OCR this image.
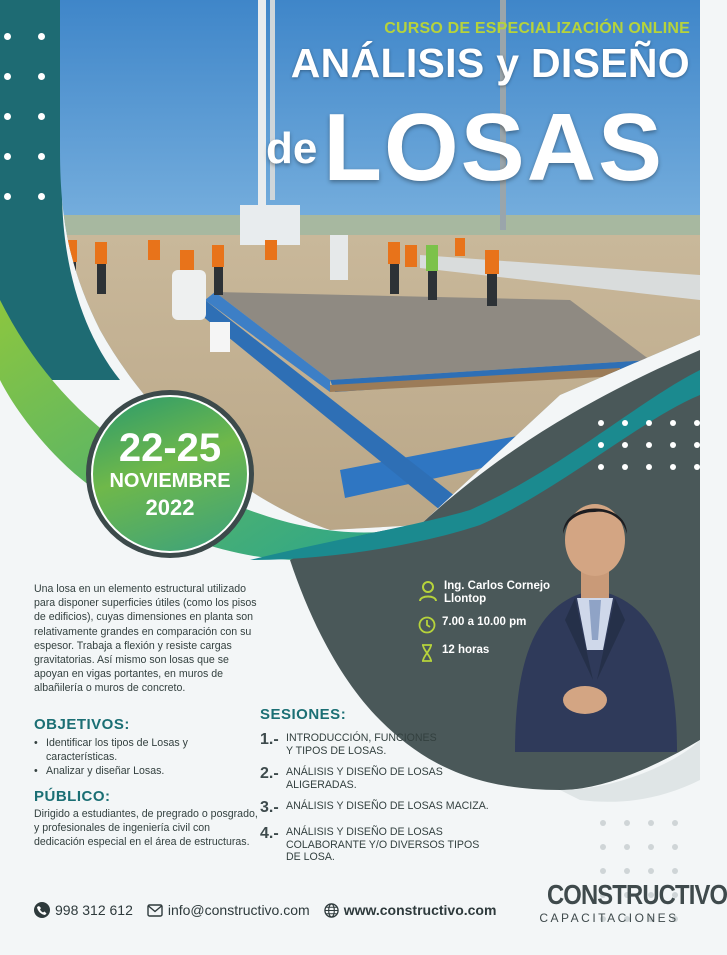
CURSO DE ESPECIALIZACIÓN ONLINE
ANÁLISIS y DISEÑO
deLOSAS
22-25
NOVIEMBRE
2022

Una losa en un elemento estructural utilizado para disponer superficies útiles (como los pisos de edificios), cuyas dimensiones en planta son relativamente grandes en comparación con su espesor. Trabaja a flexión y resiste cargas gravitatorias. Así mismo son losas que se apoyan en vigas portantes, en muros de albañilería o muros de concreto.

OBJETIVOS:
• Identificar los tipos de Losas y características.
• Analizar y diseñar Losas.
PÚBLICO:

Dirigido a estudiantes, de pregrado o posgrado, y profesionales de ingeniería civil con dedicación especial en el área de estructuras.

SESIONES:
1.- INTRODUCCIÓN, FUNCIONES
Y TIPOS DE LOSAS.
2.- ANÁLISIS Y DISEÑO DE LOSAS
ALIGERADAS.
3.- ANÁLISIS Y DISEÑO DE LOSAS MACIZA.
4.- ANÁLISIS Y DISEÑO DE LOSAS
COLABORANTE Y/O DIVERSOS TIPOS
DE LOSA.
Ing. Carlos Cornejo Llontop
7.00 a 10.00 pm
12 horas
998 312 612	info@constructivo.com www.constructivo.com CONSTRUCTIVO
CAPACITACIONES
